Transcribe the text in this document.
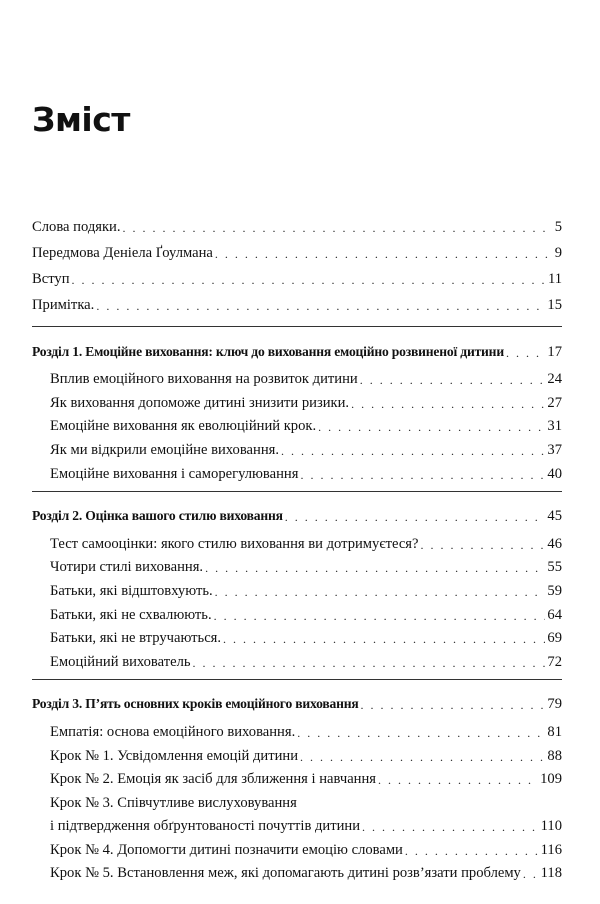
Зміст
Слова подяки. . . .	5
Передмова Деніела Ґоулмана . . .	9
Вступ . . .	11
Примітка. . . .	15
Розділ 1. Емоційне виховання: ключ до виховання емоційно розвиненої дитини . . .	17
Вплив емоційного виховання на розвиток дитини . . .	24
Як виховання допоможе дитині знизити ризики. . . .	27
Емоційне виховання як еволюційний крок. . . .	31
Як ми відкрили емоційне виховання. . . .	37
Емоційне виховання і саморегулювання . . .	40
Розділ 2. Оцінка вашого стилю виховання . . .	45
Тест самооцінки: якого стилю виховання ви дотримуєтеся? . . .	46
Чотири стилі виховання. . . .	55
Батьки, які відштовхують. . . .	59
Батьки, які не схвалюють. . . .	64
Батьки, які не втручаються. . . .	69
Емоційний вихователь . . .	72
Розділ 3. П’ять основних кроків емоційного виховання . . .	79
Емпатія: основа емоційного виховання. . . .	81
Крок № 1. Усвідомлення емоцій дитини . . .	88
Крок № 2. Емоція як засіб для зближення і навчання . . .	109
Крок № 3. Співчутливе вислуховування
і підтвердження обґрунтованості почуттів дитини . . .	110
Крок № 4. Допомогти дитині позначити емоцію словами . . .	116
Крок № 5. Встановлення меж, які допомагають дитині розв’язати проблему . . . 118
